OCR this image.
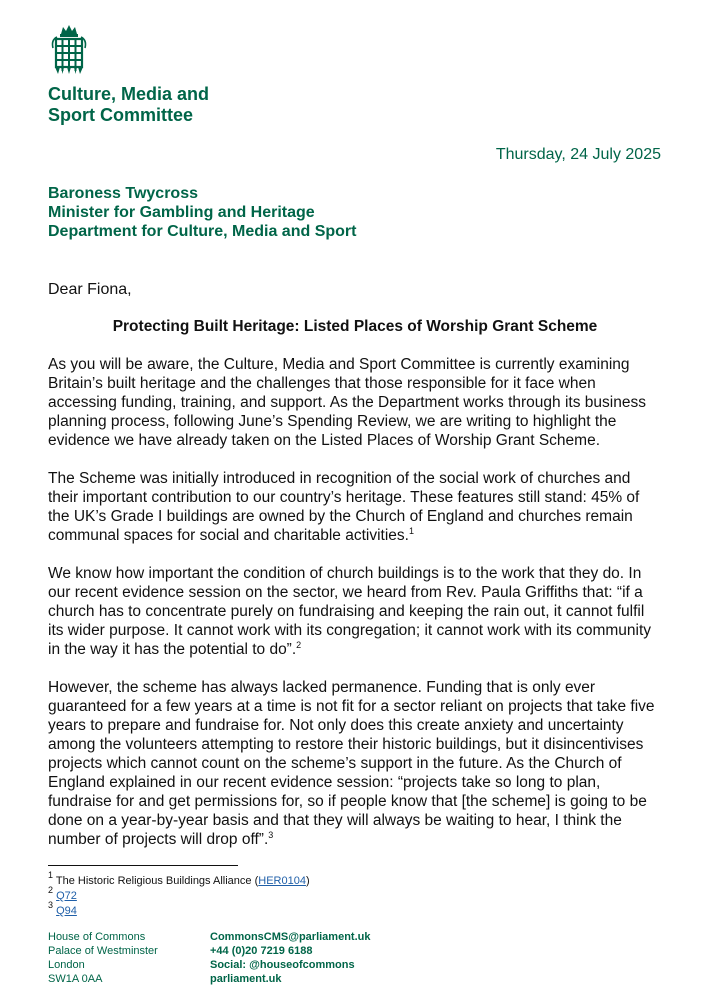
Culture, Media and
Sport Committee
Thursday, 24 July 2025
Baroness Twycross
Minister for Gambling and Heritage
Department for Culture, Media and Sport
Dear Fiona,
Protecting Built Heritage: Listed Places of Worship Grant Scheme

As you will be aware, the Culture, Media and Sport Committee is currently examining Britain’s built heritage and the challenges that those responsible for it face when accessing funding, training, and support. As the Department works through its business planning process, following June’s Spending Review, we are writing to highlight the evidence we have already taken on the Listed Places of Worship Grant Scheme.

The Scheme was initially introduced in recognition of the social work of churches and their important contribution to our country’s heritage. These features still stand: 45% of the UK’s Grade I buildings are owned by the Church of England and churches remain communal spaces for social and charitable activities.$^1$

We know how important the condition of church buildings is to the work that they do. In our recent evidence session on the sector, we heard from Rev. Paula Griffiths that: “if a church has to concentrate purely on fundraising and keeping the rain out, it cannot fulfil its wider purpose. It cannot work with its congregation; it cannot work with its community in the way it has the potential to do”.$^2$

However, the scheme has always lacked permanence. Funding that is only ever guaranteed for a few years at a time is not fit for a sector reliant on projects that take five years to prepare and fundraise for. Not only does this create anxiety and uncertainty among the volunteers attempting to restore their historic buildings, but it disincentivises projects which cannot count on the scheme’s support in the future. As the Church of England explained in our recent evidence session: “projects take so long to plan, fundraise for and get permissions for, so if people know that [the scheme] is going to be done on a year-by-year basis and that they will always be waiting to hear, I think the number of projects will drop off”.$^3$

$^1$ The Historic Religious Buildings Alliance (HER0104)
$^2$ Q72
$^3$ Q94
House of Commons
Palace of Westminster
London
SW1A 0AA
CommonsCMS@parliament.uk
+44 (0)20 7219 6188
Social: @houseofcommons
parliament.uk
